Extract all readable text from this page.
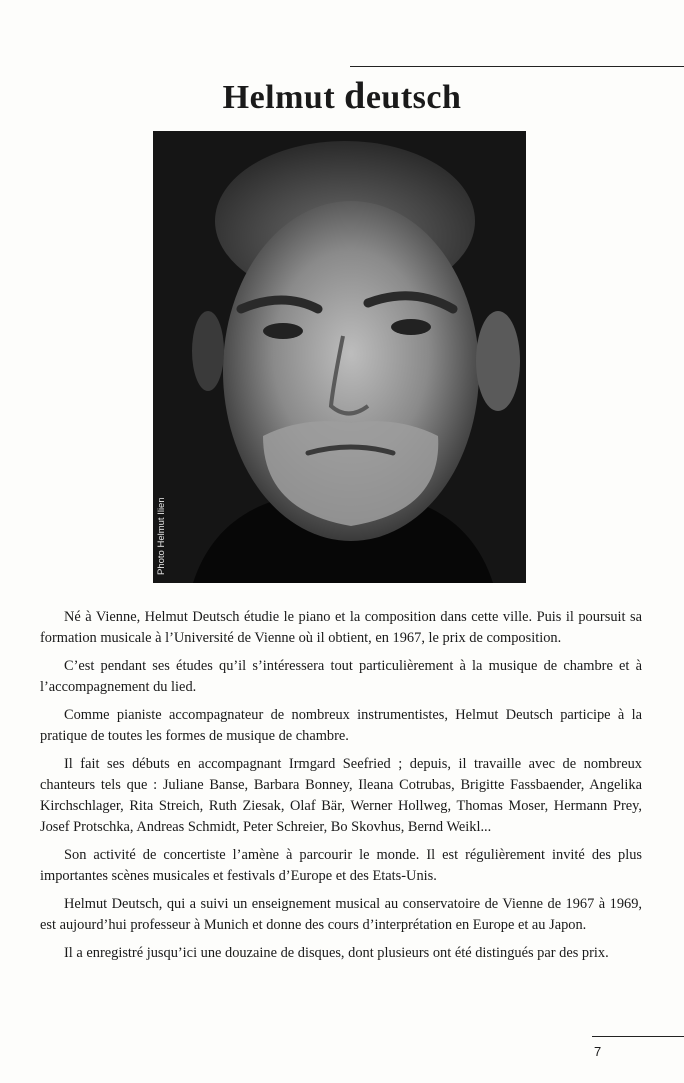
Helmut deutsch
Photo Helmut Ilien

Né à Vienne, Helmut Deutsch étudie le piano et la composition dans cette ville. Puis il poursuit sa formation musicale à l’Université de Vienne où il obtient, en 1967, le prix de composition.

C’est pendant ses études qu’il s’intéressera tout particulièrement à la musique de chambre et à l’accompagnement du lied.

Comme pianiste accompagnateur de nombreux instrumentistes, Helmut Deutsch participe à la pratique de toutes les formes de musique de chambre.

Il fait ses débuts en accompagnant Irmgard Seefried ; depuis, il travaille avec de nombreux chanteurs tels que : Juliane Banse, Barbara Bonney, Ileana Cotrubas, Brigitte Fassbaender, Angelika Kirchschlager, Rita Streich, Ruth Ziesak, Olaf Bär, Werner Hollweg, Thomas Moser, Hermann Prey, Josef Protschka, Andreas Schmidt, Peter Schreier, Bo Skovhus, Bernd Weikl...

Son activité de concertiste l’amène à parcourir le monde. Il est régulièrement invité des plus importantes scènes musicales et festivals d’Europe et des Etats-Unis.

Helmut Deutsch, qui a suivi un enseignement musical au conservatoire de Vienne de 1967 à 1969, est aujourd’hui professeur à Munich et donne des cours d’interprétation en Europe et au Japon.

Il a enregistré jusqu’ici une douzaine de disques, dont plusieurs ont été distingués par des prix.

7
